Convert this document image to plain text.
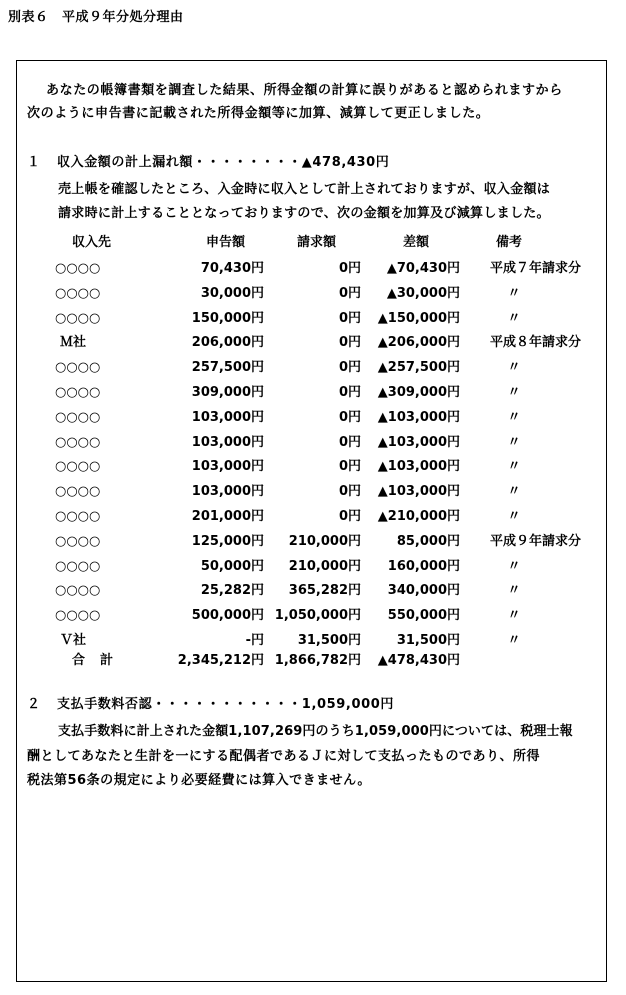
別表６　平成９年分処分理由
あなたの帳簿書類を調査した結果、所得金額の計算に誤りがあると認められますから
次のように申告書に記載された所得金額等に加算、減算して更正しました。
１ 収入金額の計上漏れ額・・・・・・・・▲478,430円
売上帳を確認したところ、入金時に収入として計上されておりますが、収入金額は
請求時に計上することとなっておりますので、次の金額を加算及び減算しました。
収入先	申告額	請求額	差額	備考
○○○○	70,430円	0円	▲70,430円 平成７年請求分
○○○○	30,000円	0円	▲30,000円	〃
○○○○	150,000円	0円	▲150,000円	〃
Ｍ社	206,000円	0円	▲206,000円 平成８年請求分
○○○○	257,500円	0円	▲257,500円	〃
○○○○	309,000円	0円	▲309,000円	〃
○○○○	103,000円	0円	▲103,000円	〃
○○○○	103,000円	0円	▲103,000円	〃
○○○○	103,000円	0円	▲103,000円	〃
○○○○	103,000円	0円	▲103,000円	〃
○○○○	201,000円	0円	▲210,000円	〃
○○○○	125,000円	210,000円	85,000円 平成９年請求分
○○○○	50,000円	210,000円	160,000円	〃
○○○○	25,282円	365,282円	340,000円	〃
○○○○	500,000円 1,050,000円	550,000円	〃
Ｖ社	-円	31,500円	31,500円	〃
合 計	2,345,212円 1,866,782円	▲478,430円
２ 支払手数料否認・・・・・・・・・・・1,059,000円
支払手数料に計上された金額1,107,269円のうち1,059,000円については、税理士報
酬としてあなたと生計を一にする配偶者であるＪに対して支払ったものであり、所得
税法第56条の規定により必要経費には算入できません。
